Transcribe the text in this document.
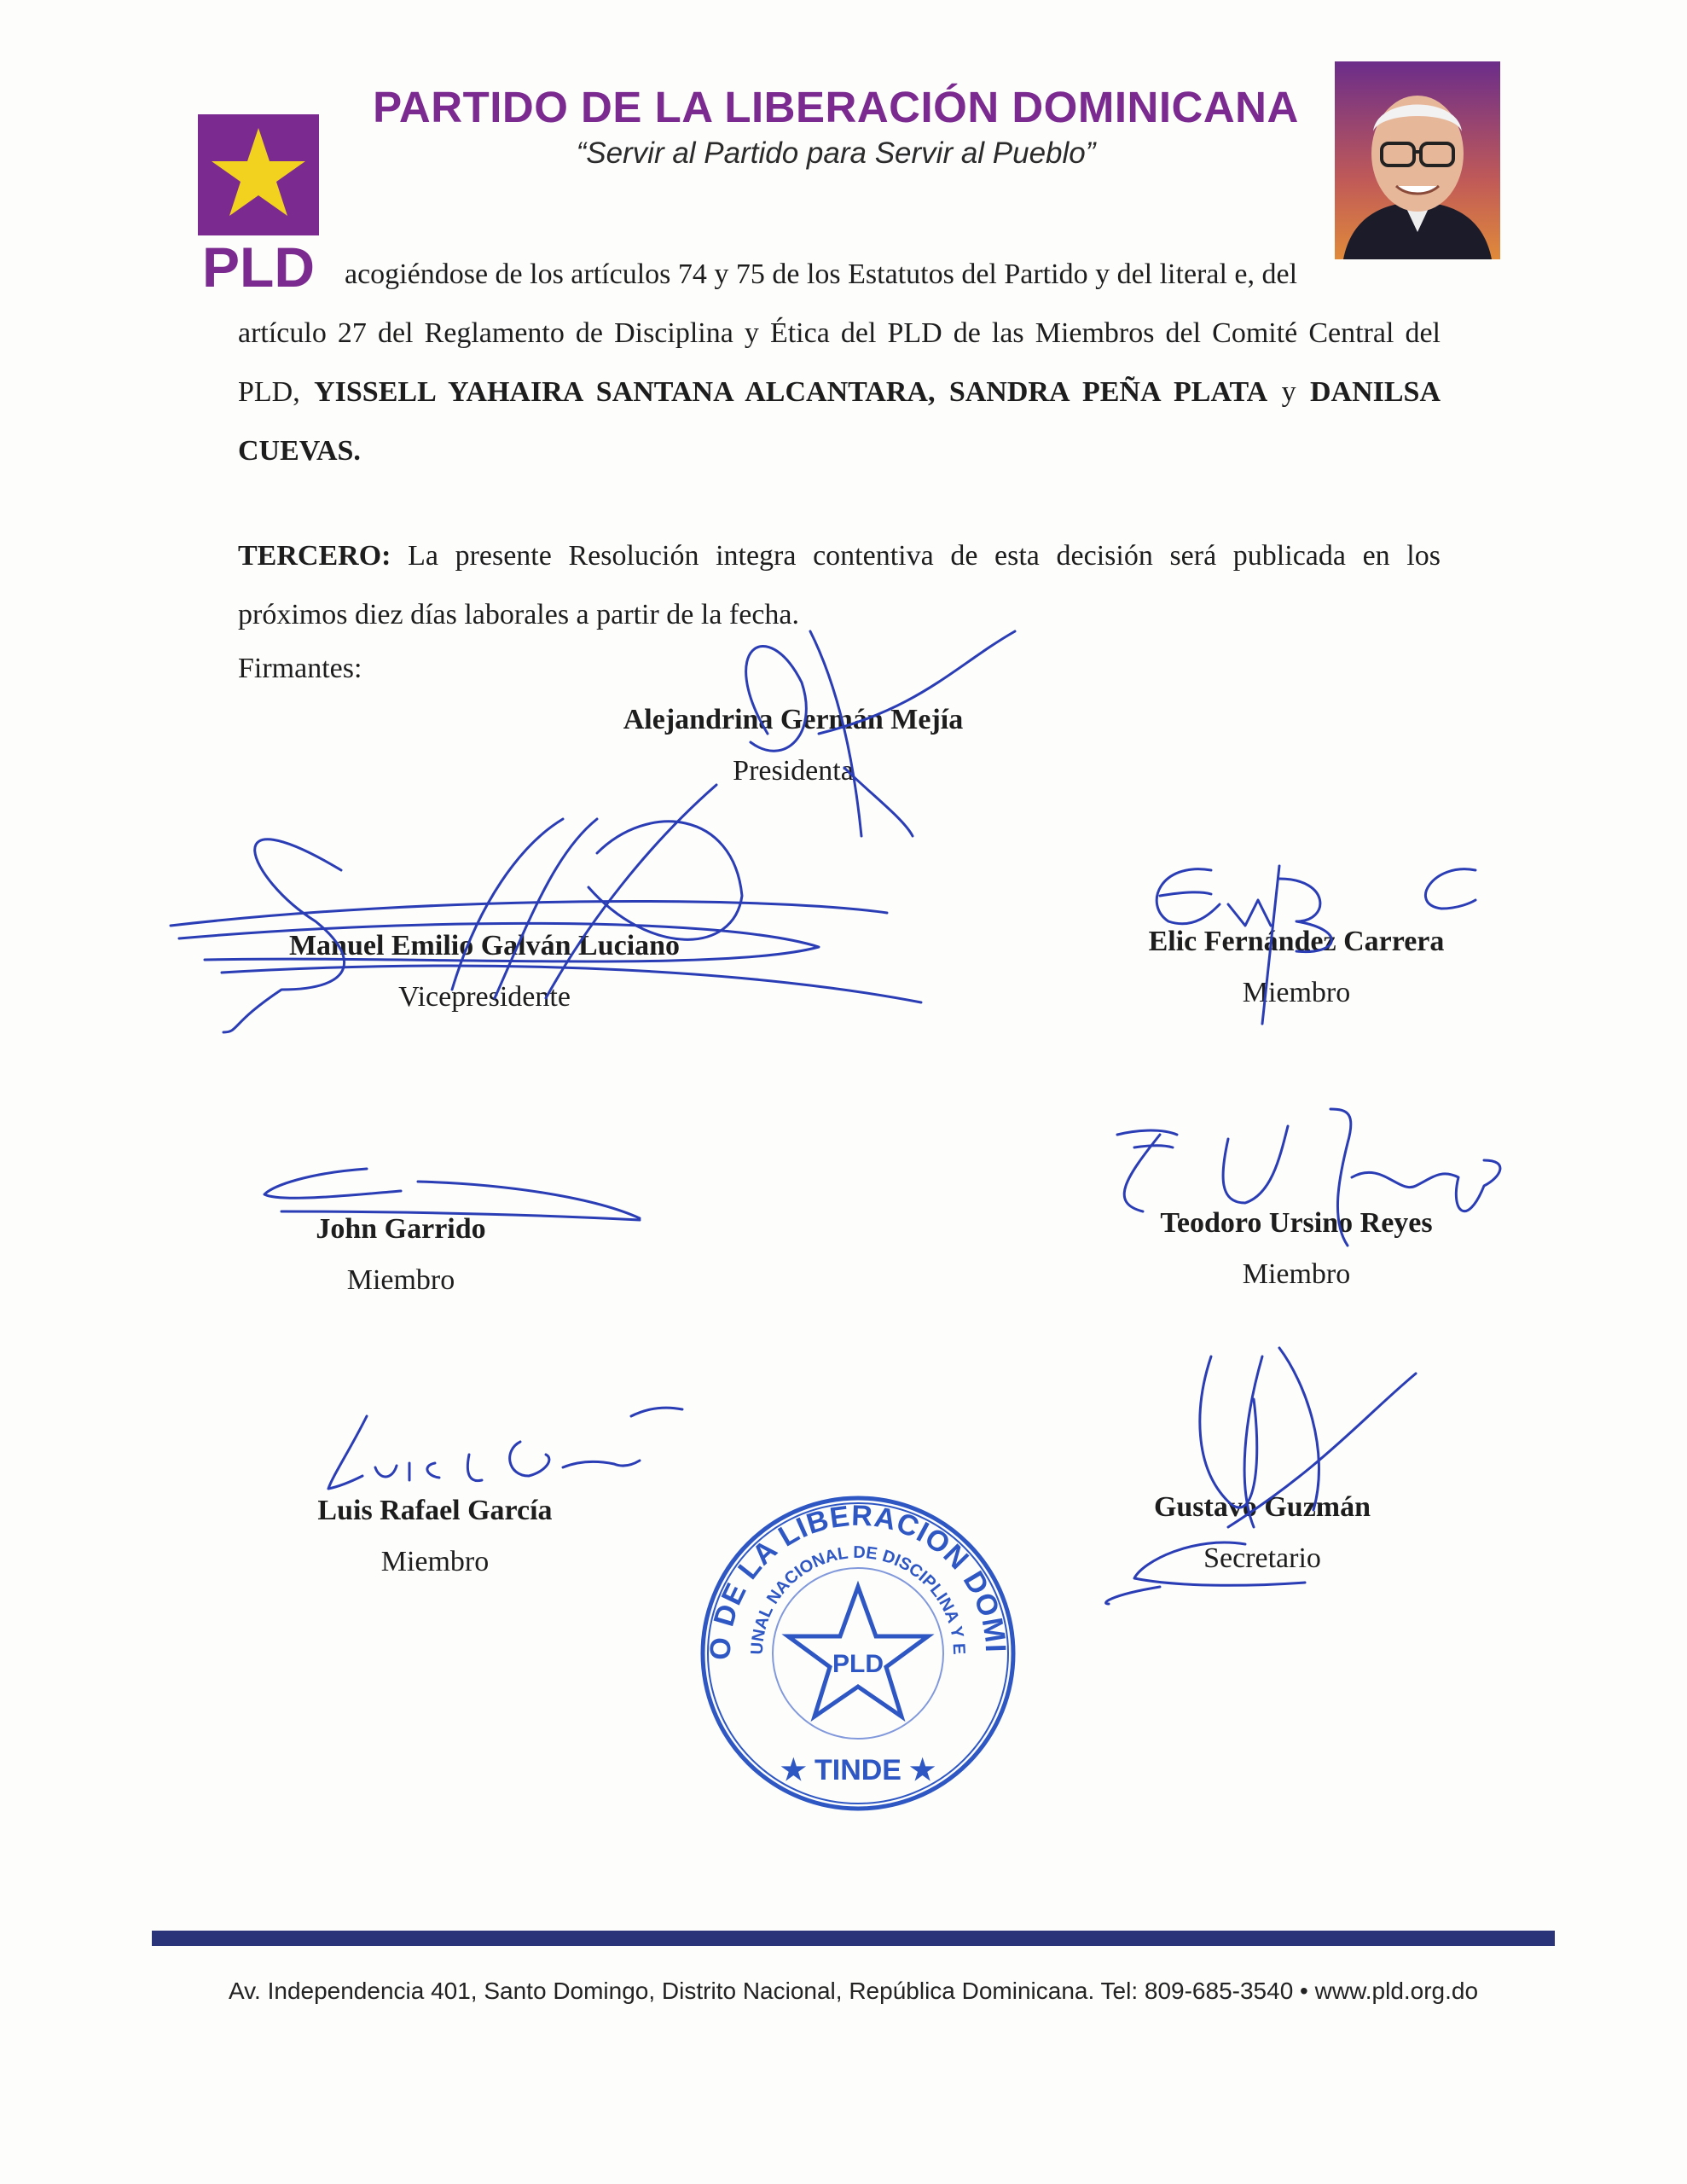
PLD
PARTIDO DE LA LIBERACIÓN DOMINICANA
“Servir al Partido para Servir al Pueblo”
acogiéndose de los artículos 74 y 75 de los Estatutos del Partido y del literal e, del
artículo 27 del Reglamento de Disciplina y Ética del PLD de las Miembros del Comité Central del PLD, YISSELL YAHAIRA SANTANA ALCANTARA, SANDRA PEÑA PLATA y DANILSA CUEVAS.
TERCERO: La presente Resolución integra contentiva de esta decisión será publicada en los próximos diez días laborales a partir de la fecha.
Firmantes:
Alejandrina Germán Mejía
Presidenta
Manuel Emilio Galván Luciano
Vicepresidente
Elic Fernández Carrera
Miembro
John Garrido
Miembro
Teodoro Ursino Reyes
Miembro
Luis Rafael García
Miembro
Gustavo Guzmán
Secretario
O DE LA LIBERACION DOMI
UNAL NACIONAL DE DISCIPLINA Y E
PLD
★ TINDE ★
Av. Independencia 401, Santo Domingo, Distrito Nacional, República Dominicana. Tel: 809-685-3540 • www.pld.org.do
